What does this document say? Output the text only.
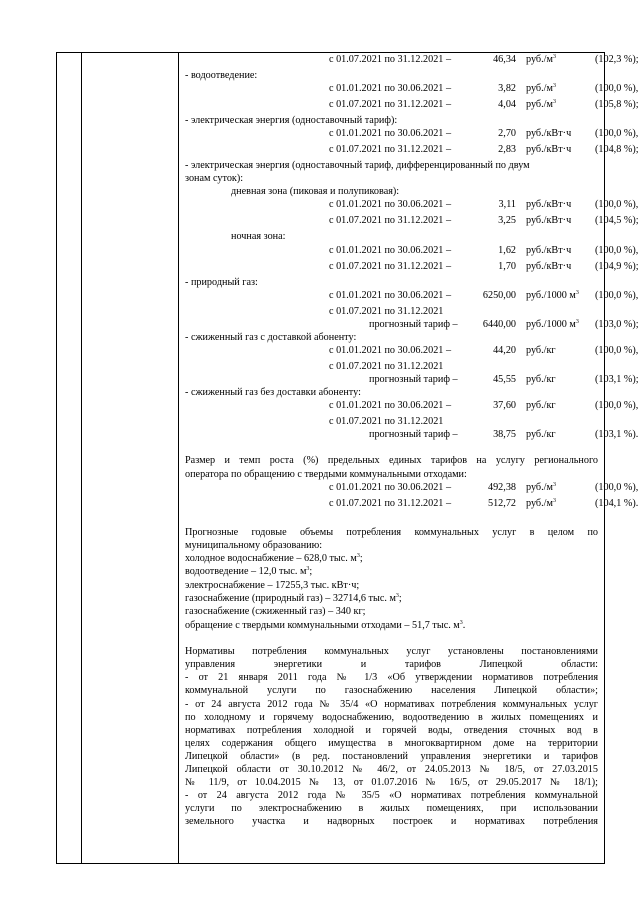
с 01.07.2021 по 31.12.2021 –	46,34 $руб./м^3$	(102,3 %);
- водоотведение:
с 01.01.2021 по 30.06.2021 –	3,82 $руб./м^3$	(100,0 %),
с 01.07.2021 по 31.12.2021 –	4,04 $руб./м^3$	(105,8 %);
- электрическая энергия (одноставочный тариф):
с 01.01.2021 по 30.06.2021 –	2,70 руб./кВт·ч (100,0 %),
с 01.07.2021 по 31.12.2021 –	2,83 руб./кВт·ч (104,8 %);
- электрическая энергия (одноставочный тариф, дифференцированный по двум
зонам суток):
дневная зона (пиковая и полупиковая):
с 01.01.2021 по 30.06.2021 –	3,11 руб./кВт·ч (100,0 %),
с 01.07.2021 по 31.12.2021 –	3,25 руб./кВт·ч (104,5 %);
ночная зона:
с 01.01.2021 по 30.06.2021 –	1,62 руб./кВт·ч (100,0 %),
с 01.07.2021 по 31.12.2021 –	1,70 руб./кВт·ч (104,9 %);
- природный газ:
с 01.01.2021 по 30.06.2021 –	6250,00 руб./1000 $м^3$ (100,0 %),
с 01.07.2021 по 31.12.2021
прогнозный тариф –	6440,00 руб./1000 $м^3$ (103,0 %);
- сжиженный газ с доставкой абоненту:
с 01.01.2021 по 30.06.2021 –	44,20 руб./кг	(100,0 %),
с 01.07.2021 по 31.12.2021
прогнозный тариф –	45,55 руб./кг	(103,1 %);
- сжиженный газ без доставки абоненту:
с 01.01.2021 по 30.06.2021 –	37,60 руб./кг	(100,0 %),
с 01.07.2021 по 31.12.2021
прогнозный тариф –	38,75 руб./кг	(103,1 %).
Размер и темп роста (%) предельных единых тарифов на услугу регионального
оператора по обращению с твердыми коммунальными отходами:
с 01.01.2021 по 30.06.2021 –	492,38 $руб./м^3$	(100,0 %),
с 01.07.2021 по 31.12.2021 –	512,72 $руб./м^3$	(104,1 %).
Прогнозные годовые объемы потребления коммунальных услуг в целом по
муниципальному образованию:
холодное водоснабжение – 628,0 тыс. $м^3$;
водоотведение – 12,0 тыс. $м^3$;
электроснабжение – 17255,3 тыс. кВт·ч;
газоснабжение (природный газ) – 32714,6 тыс. $м^3$;
газоснабжение (сжиженный газ) – 340 кг;
обращение с твердыми коммунальными отходами – 51,7 тыс. $м^3$.
Нормативы потребления коммунальных услуг установлены постановлениями
управления энергетики и тарифов Липецкой области:
- от 21 января 2011 года № 1/3 «Об утверждении нормативов потребления
коммунальной услуги по газоснабжению населения Липецкой области»;
- от 24 августа 2012 года № 35/4 «О нормативах потребления коммунальных услуг
по холодному и горячему водоснабжению, водоотведению в жилых помещениях и
нормативах потребления холодной и горячей воды, отведения сточных вод в
целях содержания общего имущества в многоквартирном доме на территории
Липецкой области» (в ред. постановлений управления энергетики и тарифов
Липецкой области от 30.10.2012 № 46/2, от 24.05.2013 № 18/5, от 27.03.2015
№ 11/9, от 10.04.2015 № 13, от 01.07.2016 № 16/5, от 29.05.2017 № 18/1);
- от 24 августа 2012 года № 35/5 «О нормативах потребления коммунальной
услуги по электроснабжению в жилых помещениях, при использовании
земельного участка и надворных построек и нормативах потребления
